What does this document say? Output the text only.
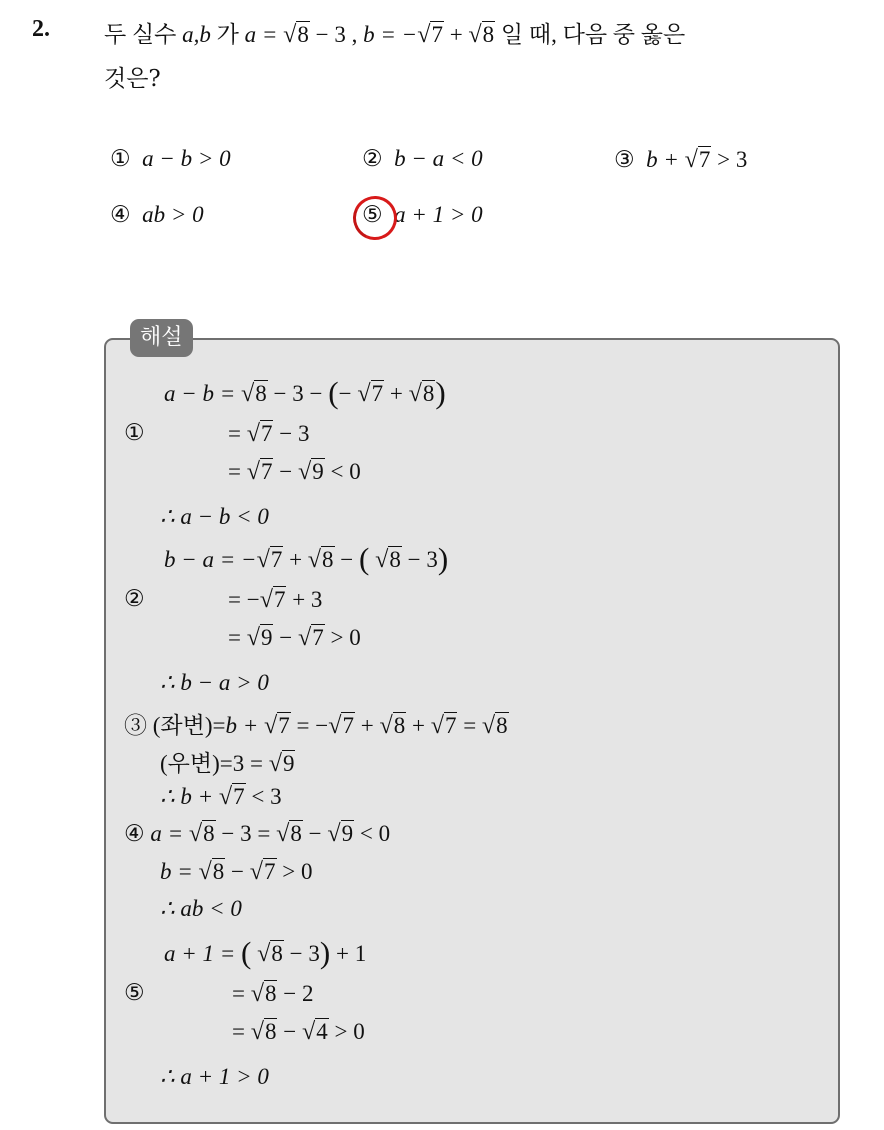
2. 두 실수 a,b 가 a = √8 − 3 , b = −√7 + √8 일 때, 다음 중 옳은
것은?
① a − b > 0	② b − a < 0	③ b + √7 > 3
④ ab > 0	⑤ a + 1 > 0
해설
①
a − b = √8 − 3 − (− √7 + √8)
= √7 − 3
= √7 − √9 < 0
∴ a − b < 0
②
b − a = −√7 + √8 − ( √8 − 3)
= −√7 + 3
= √9 − √7 > 0
∴ b − a > 0
③ (좌변)=b + √7 = −√7 + √8 + √7 = √8
(우변)=3 = √9
∴ b + √7 < 3
④ a = √8 − 3 = √8 − √9 < 0
b = √8 − √7 > 0
∴ ab < 0
⑤
a + 1 = ( √8 − 3) + 1
= √8 − 2
= √8 − √4 > 0
∴ a + 1 > 0
